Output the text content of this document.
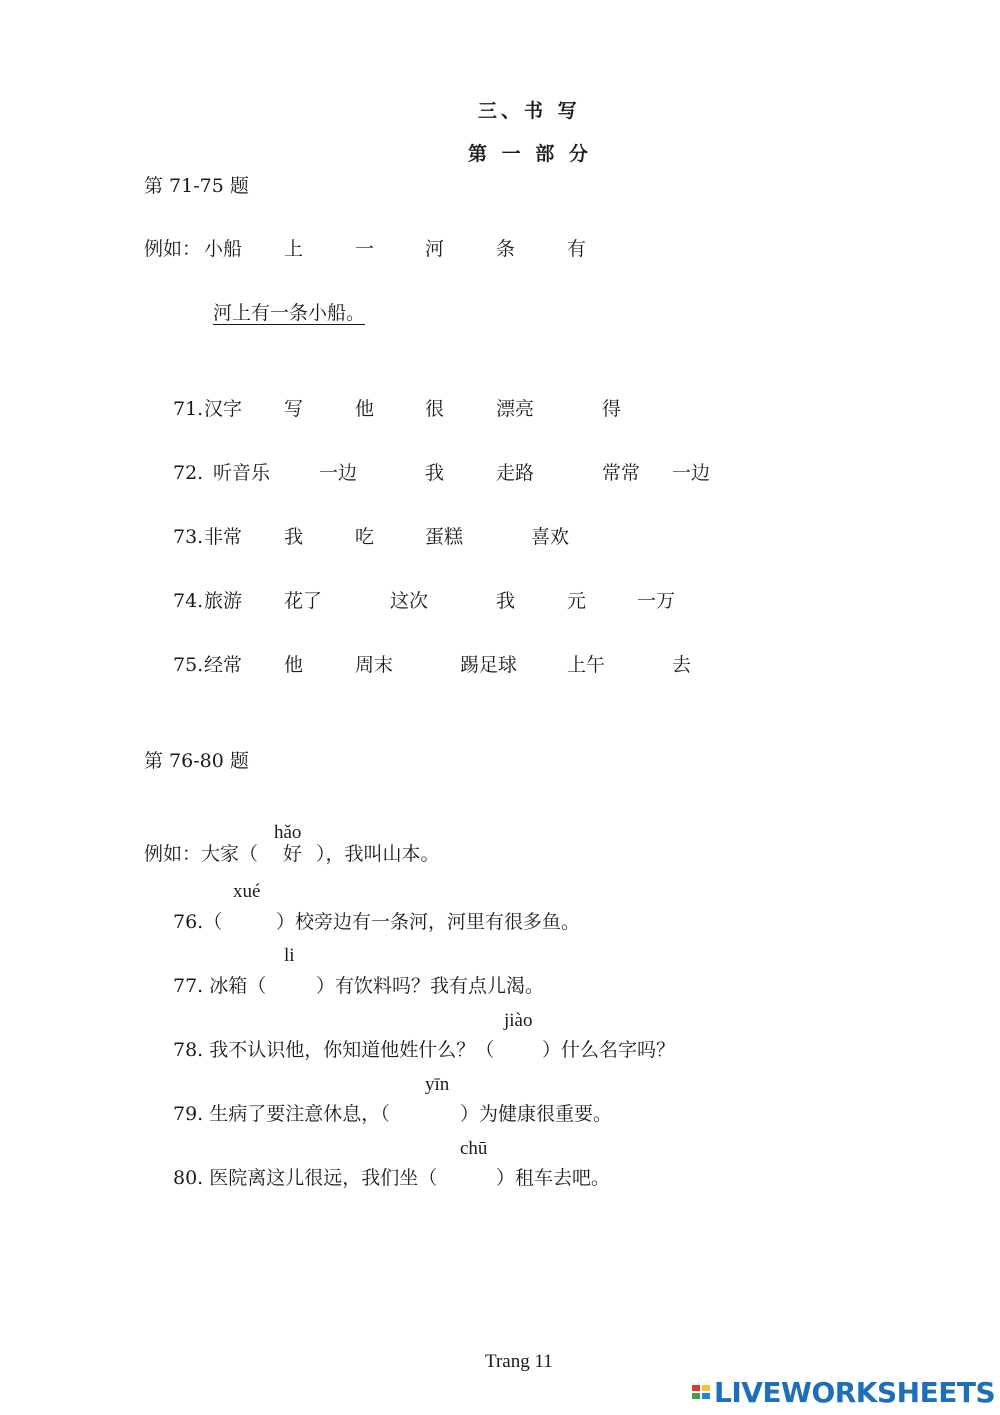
三、书 写
第 一 部 分
第 71-75 题
例如： 小船 上	一	河	条	有
河上有一条小船。
71. 汉字 写	他	很	漂亮	得
72. 听音乐	一边	我	走路	常常 一边
73. 非常 我	吃	蛋糕	喜欢
74. 旅游 花了	这次	我	元	一万
75. 经常 他	周末	踢足球	上午	去
第 76-80 题
hǎo
例如：大家（ 好 ），我叫山本。
xué
76.（	）校旁边有一条河，河里有很多鱼。
li
77. 冰箱（	）有饮料吗？我有点儿渴。
jiào
78. 我不认识他，你知道他姓什么？（	）什么名字吗？
yīn
79. 生病了要注意休息，（	）为健康很重要。
chū
80. 医院离这儿很远，我们坐（	）租车去吧。
Trang 11
LIVEWORKSHEETS
